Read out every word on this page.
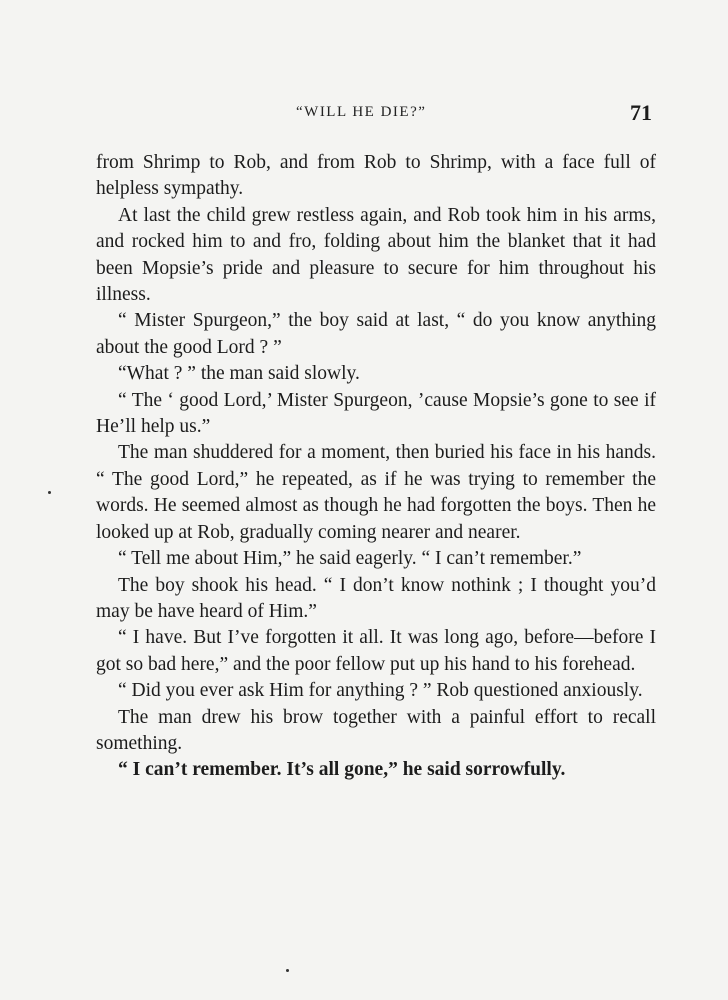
“WILL HE DIE?”	71

from Shrimp to Rob, and from Rob to Shrimp, with a face full of helpless sympathy.

At last the child grew restless again, and Rob took him in his arms, and rocked him to and fro, folding about him the blanket that it had been Mopsie’s pride and pleasure to secure for him throughout his illness.

“ Mister Spurgeon,” the boy said at last, “ do you know anything about the good Lord ? ”

“What ? ” the man said slowly.

“ The ‘ good Lord,’ Mister Spurgeon, ’cause Mopsie’s gone to see if He’ll help us.”

The man shuddered for a moment, then buried his face in his hands. “ The good Lord,” he repeated, as if he was trying to remember the words. He seemed almost as though he had forgotten the boys. Then he looked up at Rob, gradually coming nearer and nearer.

“ Tell me about Him,” he said eagerly. “ I can’t remember.”

The boy shook his head. “ I don’t know nothink ; I thought you’d may be have heard of Him.”

“ I have. But I’ve forgotten it all. It was long ago, before—before I got so bad here,” and the poor fellow put up his hand to his forehead.

“ Did you ever ask Him for anything ? ” Rob questioned anxiously.

The man drew his brow together with a painful effort to recall something.

“ I can’t remember. It’s all gone,” he said sorrowfully.
